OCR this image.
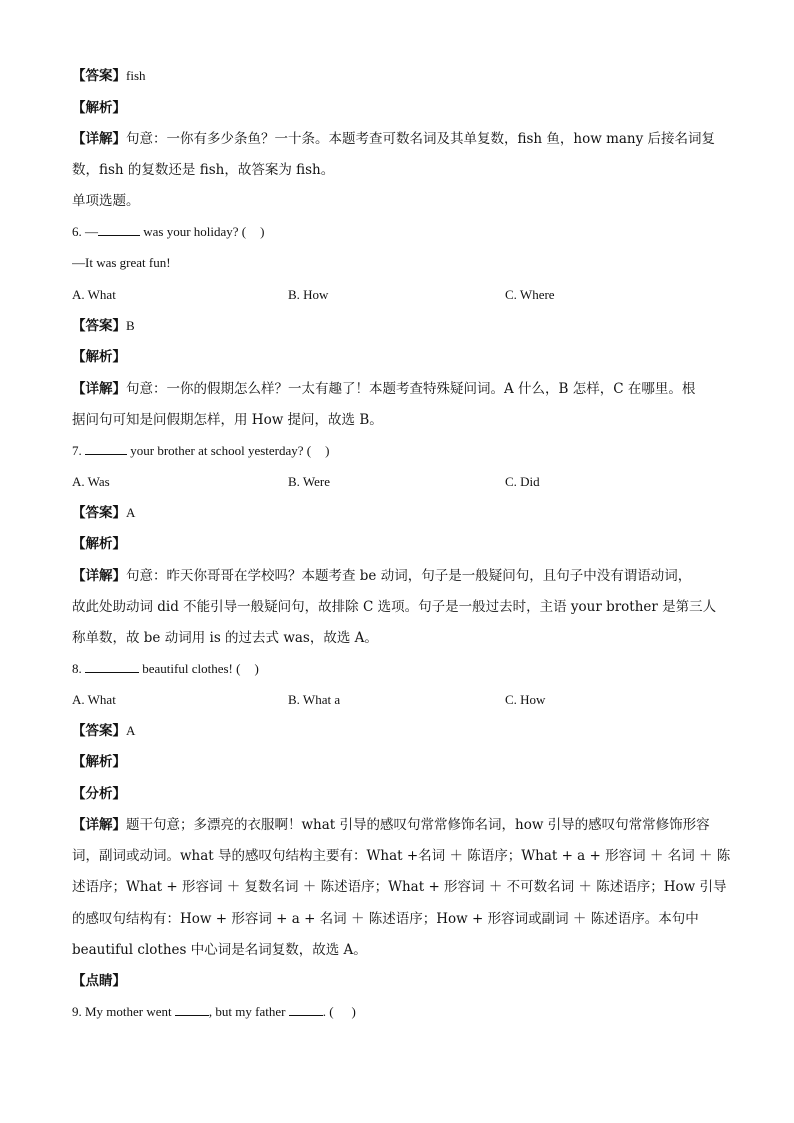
【答案】fish
【解析】
【详解】句意：一你有多少条鱼？一十条。本题考查可数名词及其单复数，fish 鱼，how many 后接名词复
数，fish 的复数还是 fish，故答案为 fish。
单项选题。
6. —	was your holiday? ( )
—It was great fun!
A. What	B. How	C. Where
【答案】B
【解析】
【详解】句意：一你的假期怎么样？一太有趣了！本题考查特殊疑问词。A 什么，B 怎样，C 在哪里。根
据问句可知是问假期怎样，用 How 提问，故选 B。
7.	your brother at school yesterday? ( )
A. Was	B. Were	C. Did
【答案】A
【解析】
【详解】句意：昨天你哥哥在学校吗？本题考查 be 动词，句子是一般疑问句，且句子中没有谓语动词，
故此处助动词 did 不能引导一般疑问句，故排除 C 选项。句子是一般过去时，主语 your brother 是第三人
称单数，故 be 动词用 is 的过去式 was，故选 A。
8.	beautiful clothes! ( )
A. What	B. What a	C. How
【答案】A
【解析】
【分析】
【详解】题干句意；多漂亮的衣服啊！what 引导的感叹句常常修饰名词，how 引导的感叹句常常修饰形容
词，副词或动词。what 导的感叹句结构主要有：What +名词 ＋ 陈语序；What + a + 形容词 ＋ 名词 ＋ 陈
述语序；What + 形容词 ＋ 复数名词 ＋ 陈述语序；What + 形容词 ＋ 不可数名词 ＋ 陈述语序；How 引导
的感叹句结构有：How + 形容词 + a + 名词 ＋ 陈述语序；How + 形容词或副词 ＋ 陈述语序。本句中
beautiful clothes 中心词是名词复数，故选 A。
【点睛】
9. My mother went	, but my father	. ( )
